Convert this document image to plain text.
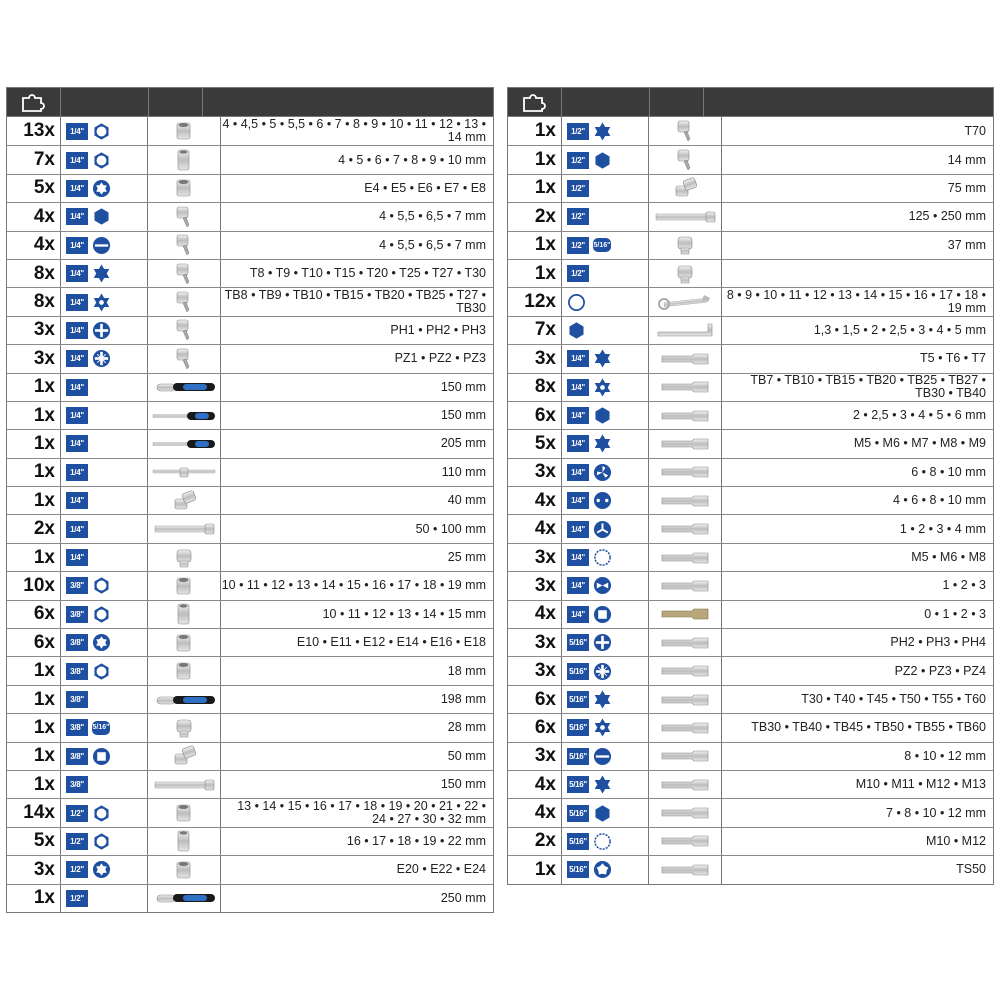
13x	1/4"	4 • 4,5 • 5 • 5,5 • 6 • 7 • 8 • 9 • 10 • 11 • 12 • 13 • 14 mm
7x	1/4"	4 • 5 • 6 • 7 • 8 • 9 • 10 mm
5x	1/4"	E4 • E5 • E6 • E7 • E8
4x	1/4"	4 • 5,5 • 6,5 • 7 mm
4x	1/4"	4 • 5,5 • 6,5 • 7 mm
8x	1/4"	T8 • T9 • T10 • T15 • T20 • T25 • T27 • T30
8x	1/4"	TB8 • TB9 • TB10 • TB15 • TB20 • TB25 • T27 • TB30
3x	1/4"	PH1 • PH2 • PH3
3x	1/4"	PZ1 • PZ2 • PZ3
1x	1/4"	150 mm
1x	1/4"	150 mm
1x	1/4"	205 mm
1x	1/4"	110 mm
1x	1/4"	40 mm
2x	1/4"	50 • 100 mm
1x	1/4"	25 mm
10x	3/8"	10 • 11 • 12 • 13 • 14 • 15 • 16 • 17 • 18 • 19 mm
6x	3/8"	10 • 11 • 12 • 13 • 14 • 15 mm
6x	3/8"	E10 • E11 • E12 • E14 • E16 • E18
1x	3/8"	18 mm
1x	3/8"	198 mm
1x	3/8"	5/16"	28 mm
1x	3/8"	50 mm
1x	3/8"	150 mm
14x	1/2"	13 • 14 • 15 • 16 • 17 • 18 • 19 • 20 • 21 • 22 • 24 • 27 • 30 • 32 mm
5x	1/2"	16 • 17 • 18 • 19 • 22 mm
3x	1/2"	E20 • E22 • E24
1x	1/2"	250 mm
1x	1/2"	T70
1x	1/2"	14 mm
1x	1/2"	75 mm
2x	1/2"	125 • 250 mm
1x	1/2"	5/16"	37 mm
1x	1/2"
12x	8 • 9 • 10 • 11 • 12 • 13 • 14 • 15 • 16 • 17 • 18 • 19 mm
7x	1,3 • 1,5 • 2 • 2,5 • 3 • 4 • 5 mm
3x	1/4"	T5 • T6 • T7
8x	1/4"	TB7 • TB10 • TB15 • TB20 • TB25 • TB27 • TB30 • TB40
6x	1/4"	2 • 2,5 • 3 • 4 • 5 • 6 mm
5x	1/4"	M5 • M6 • M7 • M8 • M9
3x	1/4"	6 • 8 • 10 mm
4x	1/4"	4 • 6 • 8 • 10 mm
4x	1/4"	1 • 2 • 3 • 4 mm
3x	1/4"	M5 • M6 • M8
3x	1/4"	1 • 2 • 3
4x	1/4"	0 • 1 • 2 • 3
3x	5/16"	PH2 • PH3 • PH4
3x	5/16"	PZ2 • PZ3 • PZ4
6x	5/16"	T30 • T40 • T45 • T50 • T55 • T60
6x	5/16"	TB30 • TB40 • TB45 • TB50 • TB55 • TB60
3x	5/16"	8 • 10 • 12 mm
4x	5/16"	M10 • M11 • M12 • M13
4x	5/16"	7 • 8 • 10 • 12 mm
2x	5/16"	M10 • M12
1x	5/16"	TS50
